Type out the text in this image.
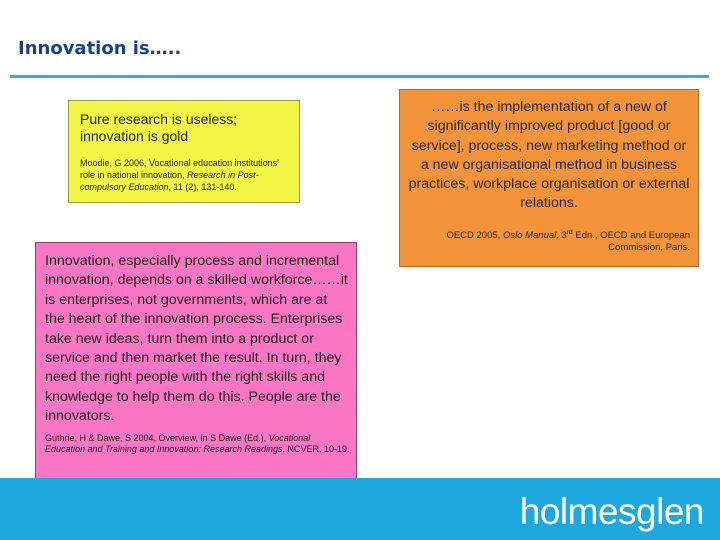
Innovation is…..
Pure research is useless; innovation is gold
Moodie, G 2006, Vocational education institutions' role in national innovation, Research in Post-compulsory Education, 11 (2), 131-140.
Innovation, especially process and incremental innovation, depends on a skilled workforce……it is enterprises, not governments, which are at the heart of the innovation process. Enterprises take new ideas, turn them into a product or service and then market the result. In turn, they need the right people with the right skills and knowledge to help them do this. People are the innovators.
Guthrie, H & Dawe, S 2004, Overview, in S Dawe (Ed.), Vocational Education and Training and Innovation: Research Readings, NCVER, 10-19.
……is the implementation of a new of significantly improved product [good or service], process, new marketing method or a new organisational method in business practices, workplace organisation or external relations.
OECD 2005, Oslo Manual, 3rd Edn., OECD and European Commission, Paris.
holmesglen
